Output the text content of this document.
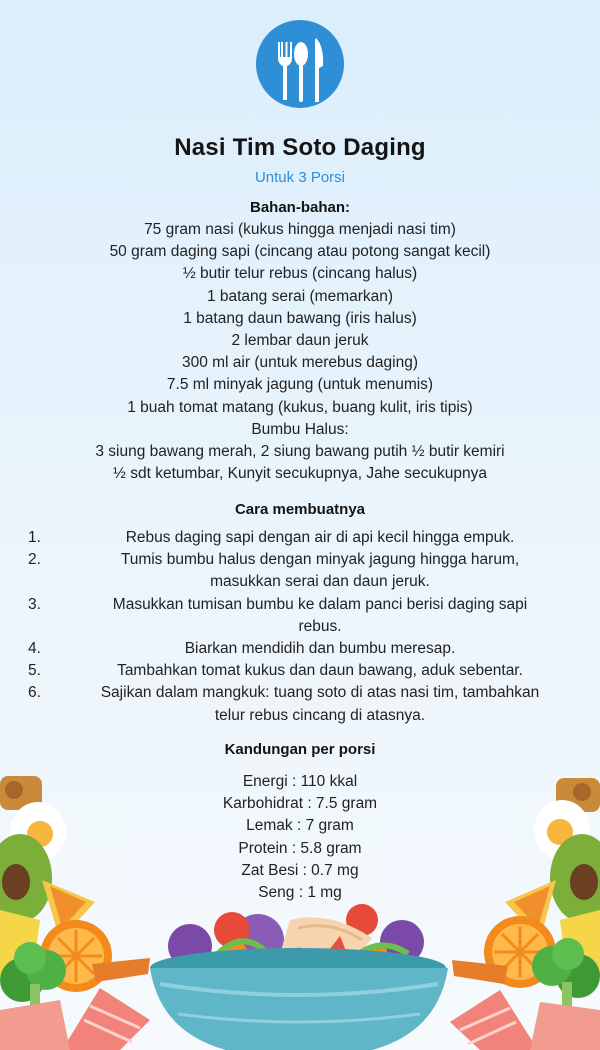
Nasi Tim Soto Daging
Untuk 3 Porsi
Bahan-bahan:
75 gram nasi (kukus hingga menjadi nasi tim)
50 gram daging sapi (cincang atau potong sangat kecil)
½ butir telur rebus (cincang halus)
1 batang serai (memarkan)
1 batang daun bawang (iris halus)
2 lembar daun jeruk
300 ml air (untuk merebus daging)
7.5 ml minyak jagung (untuk menumis)
1 buah tomat matang (kukus, buang kulit, iris tipis)
Bumbu Halus:
3 siung bawang merah, 2 siung bawang putih ½ butir kemiri
½ sdt ketumbar, Kunyit secukupnya, Jahe secukupnya
Cara membuatnya
1.	Rebus daging sapi dengan air di api kecil hingga empuk.
2.	Tumis bumbu halus dengan minyak jagung hingga harum,
masukkan serai dan daun jeruk.
3.	Masukkan tumisan bumbu ke dalam panci berisi daging sapi
rebus.
4.	Biarkan mendidih dan bumbu meresap.
5.	Tambahkan tomat kukus dan daun bawang, aduk sebentar.
6.	Sajikan dalam mangkuk: tuang soto di atas nasi tim, tambahkan
telur rebus cincang di atasnya.
Kandungan per porsi
Energi : 110 kkal
Karbohidrat : 7.5 gram
Lemak : 7 gram
Protein : 5.8 gram
Zat Besi : 0.7 mg
Seng : 1 mg
